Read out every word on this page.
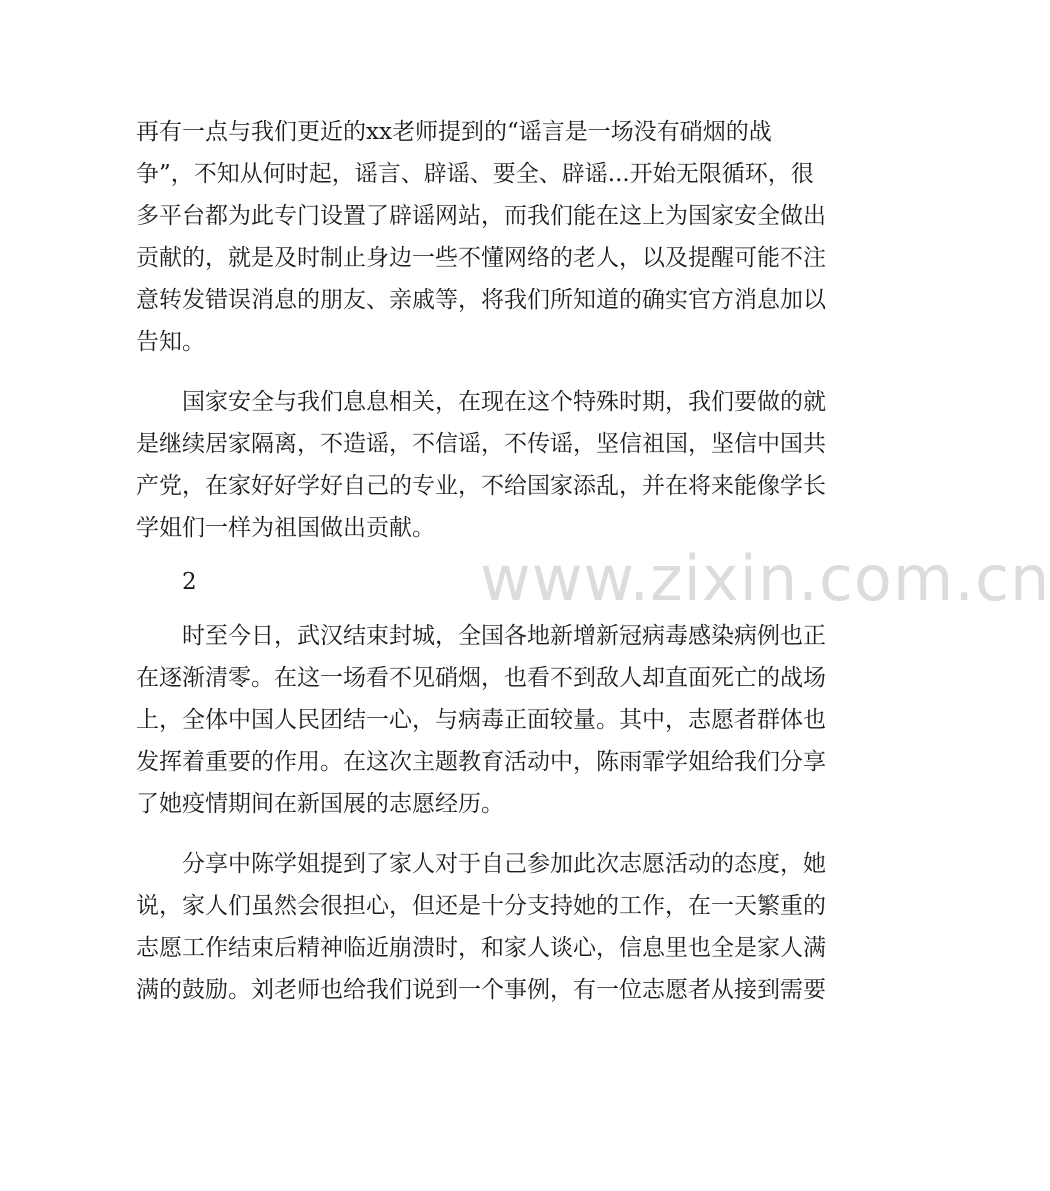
再有一点与我们更近的xx老师提到的“谣言是一场没有硝烟的战

争”，不知从何时起，谣言、辟谣、要全、辟谣...开始无限循环，很

多平台都为此专门设置了辟谣网站，而我们能在这上为国家安全做出

贡献的，就是及时制止身边一些不懂网络的老人，以及提醒可能不注

意转发错误消息的朋友、亲戚等，将我们所知道的确实官方消息加以

告知。

　　国家安全与我们息息相关，在现在这个特殊时期，我们要做的就

是继续居家隔离，不造谣，不信谣，不传谣，坚信祖国，坚信中国共

产党，在家好好学好自己的专业，不给国家添乱，并在将来能像学长

学姐们一样为祖国做出贡献。

　　2

　　时至今日，武汉结束封城，全国各地新增新冠病毒感染病例也正

在逐渐清零。在这一场看不见硝烟，也看不到敌人却直面死亡的战场

上，全体中国人民团结一心，与病毒正面较量。其中，志愿者群体也

发挥着重要的作用。在这次主题教育活动中，陈雨霏学姐给我们分享

了她疫情期间在新国展的志愿经历。

　　分享中陈学姐提到了家人对于自己参加此次志愿活动的态度，她

说，家人们虽然会很担心，但还是十分支持她的工作，在一天繁重的

志愿工作结束后精神临近崩溃时，和家人谈心，信息里也全是家人满

满的鼓励。刘老师也给我们说到一个事例，有一位志愿者从接到需要

www.zixin.com.cn
